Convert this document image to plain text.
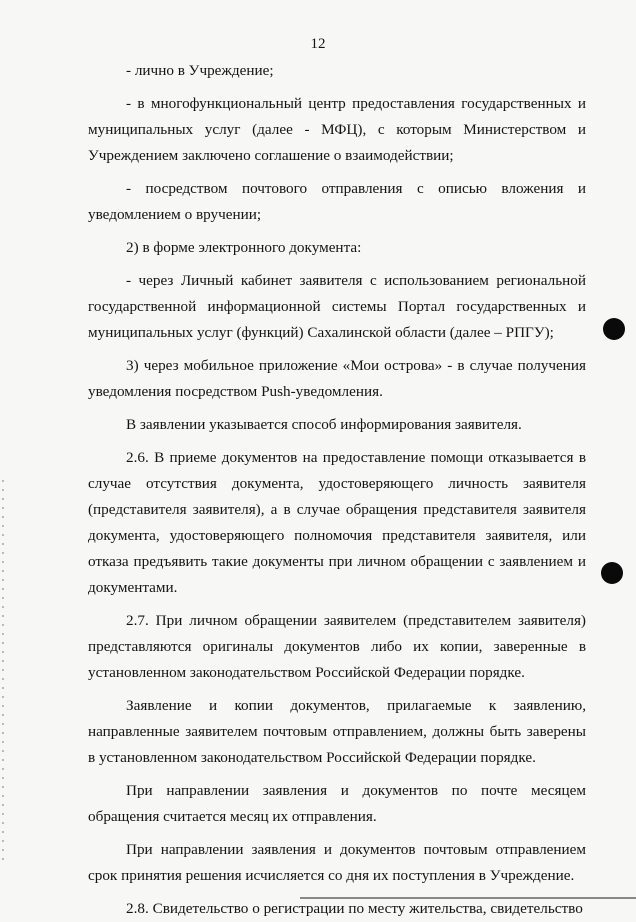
12

- лично в Учреждение;

- в многофункциональный центр предоставления государственных и муниципальных услуг (далее - МФЦ), с которым Министерством и Учреждением заключено соглашение о взаимодействии;

- посредством почтового отправления с описью вложения и уведомлением о вручении;

2) в форме электронного документа:

- через Личный кабинет заявителя с использованием региональной государственной информационной системы Портал государственных и муниципальных услуг (функций) Сахалинской области (далее – РПГУ);

3) через мобильное приложение «Мои острова» - в случае получения уведомления посредством Push-уведомления.

В заявлении указывается способ информирования заявителя.

2.6. В приеме документов на предоставление помощи отказывается в случае отсутствия документа, удостоверяющего личность заявителя (представителя заявителя), а в случае обращения представителя заявителя документа, удостоверяющего полномочия представителя заявителя, или отказа предъявить такие документы при личном обращении с заявлением и документами.

2.7. При личном обращении заявителем (представителем заявителя) представляются оригиналы документов либо их копии, заверенные в установленном законодательством Российской Федерации порядке.

Заявление и копии документов, прилагаемые к заявлению, направленные заявителем почтовым отправлением, должны быть заверены в установленном законодательством Российской Федерации порядке.

При направлении заявления и документов по почте месяцем обращения считается месяц их отправления.

При направлении заявления и документов почтовым отправлением срок принятия решения исчисляется со дня их поступления в Учреждение.

2.8. Свидетельство о регистрации по месту жительства, свидетельство
